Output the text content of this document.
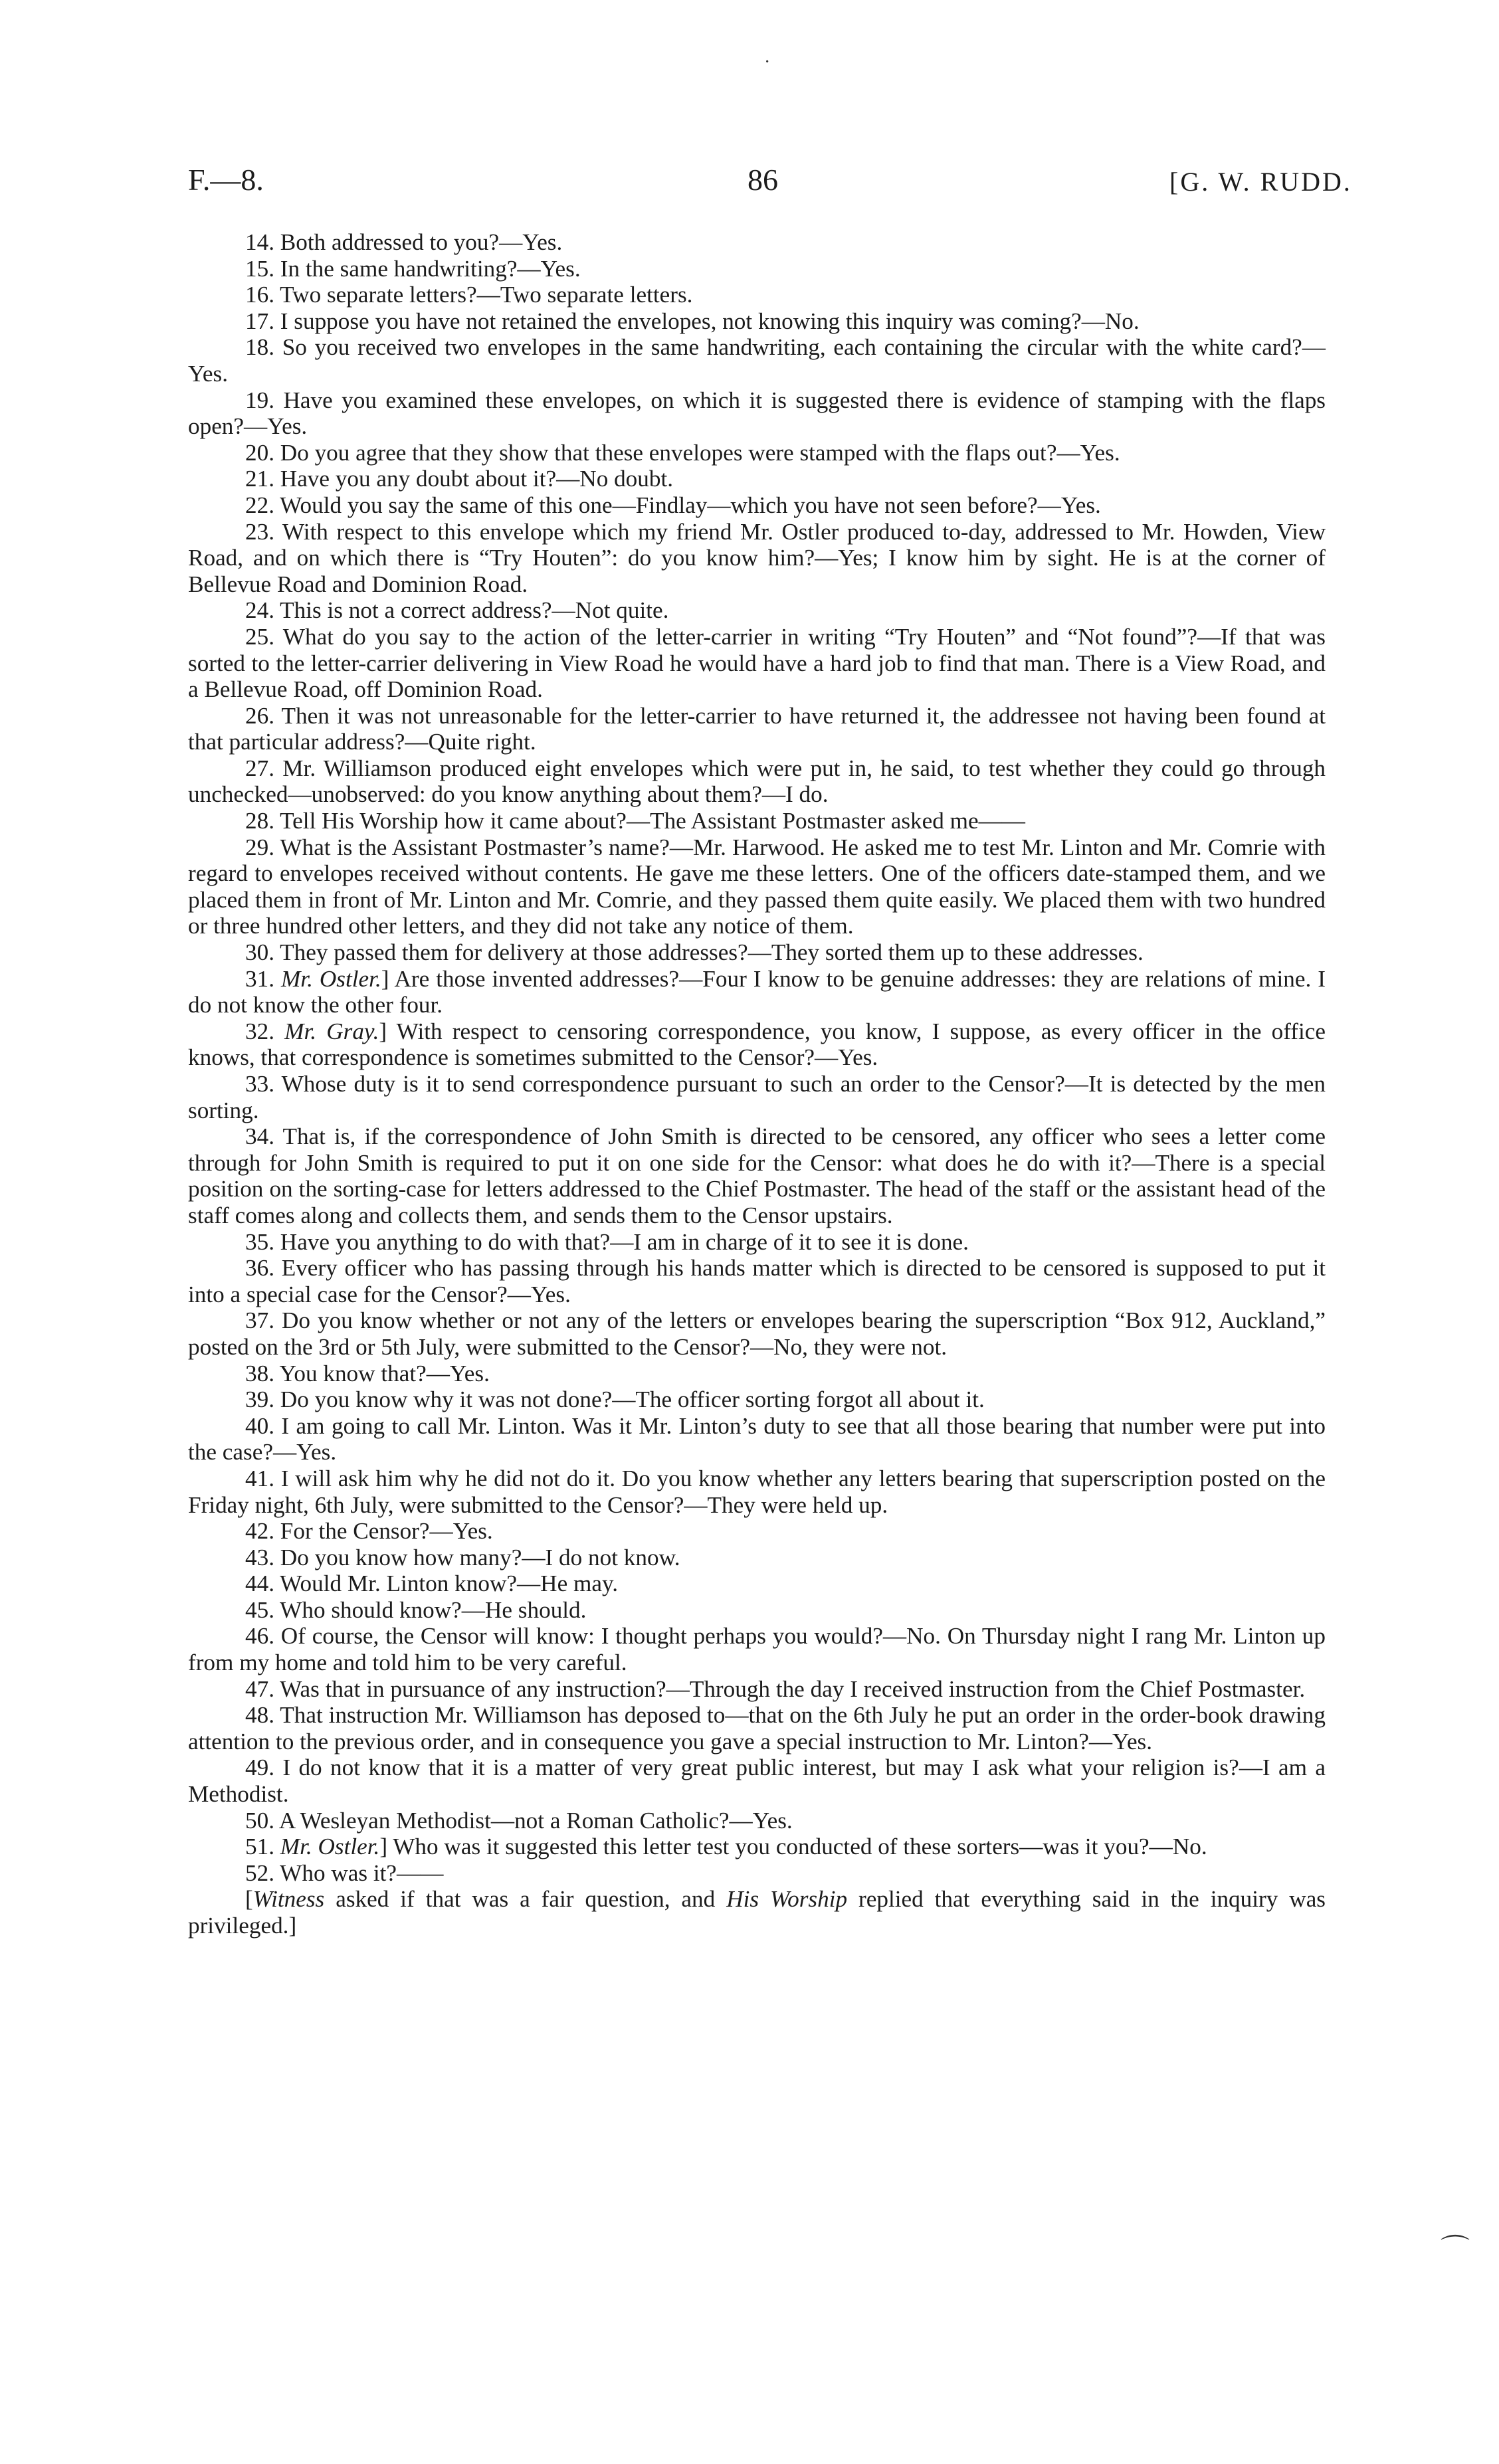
F.—8.	86	[G. W. RUDD.

14. Both addressed to you?—Yes.

15. In the same handwriting?—Yes.

16. Two separate letters?—Two separate letters.

17. I suppose you have not retained the envelopes, not knowing this inquiry was coming?—No.

18. So you received two envelopes in the same handwriting, each containing the circular with the white card?—Yes.

19. Have you examined these envelopes, on which it is suggested there is evidence of stamping with the flaps open?—Yes.

20. Do you agree that they show that these envelopes were stamped with the flaps out?—Yes.

21. Have you any doubt about it?—No doubt.

22. Would you say the same of this one—Findlay—which you have not seen before?—Yes.

23. With respect to this envelope which my friend Mr. Ostler produced to-day, addressed to Mr. Howden, View Road, and on which there is “Try Houten”: do you know him?—Yes; I know him by sight. He is at the corner of Bellevue Road and Dominion Road.

24. This is not a correct address?—Not quite.

25. What do you say to the action of the letter-carrier in writing “Try Houten” and “Not found”?—If that was sorted to the letter-carrier delivering in View Road he would have a hard job to find that man. There is a View Road, and a Bellevue Road, off Dominion Road.

26. Then it was not unreasonable for the letter-carrier to have returned it, the addressee not having been found at that particular address?—Quite right.

27. Mr. Williamson produced eight envelopes which were put in, he said, to test whether they could go through unchecked—unobserved: do you know anything about them?—I do.

28. Tell His Worship how it came about?—The Assistant Postmaster asked me——

29. What is the Assistant Postmaster’s name?—Mr. Harwood. He asked me to test Mr. Linton and Mr. Comrie with regard to envelopes received without contents. He gave me these letters. One of the officers date-stamped them, and we placed them in front of Mr. Linton and Mr. Comrie, and they passed them quite easily. We placed them with two hundred or three hundred other letters, and they did not take any notice of them.

30. They passed them for delivery at those addresses?—They sorted them up to these addresses.

31. Mr. Ostler.] Are those invented addresses?—Four I know to be genuine addresses: they are relations of mine. I do not know the other four.

32. Mr. Gray.] With respect to censoring correspondence, you know, I suppose, as every officer in the office knows, that correspondence is sometimes submitted to the Censor?—Yes.

33. Whose duty is it to send correspondence pursuant to such an order to the Censor?—It is detected by the men sorting.

34. That is, if the correspondence of John Smith is directed to be censored, any officer who sees a letter come through for John Smith is required to put it on one side for the Censor: what does he do with it?—There is a special position on the sorting-case for letters addressed to the Chief Postmaster. The head of the staff or the assistant head of the staff comes along and collects them, and sends them to the Censor upstairs.

35. Have you anything to do with that?—I am in charge of it to see it is done.

36. Every officer who has passing through his hands matter which is directed to be censored is supposed to put it into a special case for the Censor?—Yes.

37. Do you know whether or not any of the letters or envelopes bearing the superscription “Box 912, Auckland,” posted on the 3rd or 5th July, were submitted to the Censor?—No, they were not.

38. You know that?—Yes.

39. Do you know why it was not done?—The officer sorting forgot all about it.

40. I am going to call Mr. Linton. Was it Mr. Linton’s duty to see that all those bearing that number were put into the case?—Yes.

41. I will ask him why he did not do it. Do you know whether any letters bearing that superscription posted on the Friday night, 6th July, were submitted to the Censor?—They were held up.

42. For the Censor?—Yes.

43. Do you know how many?—I do not know.

44. Would Mr. Linton know?—He may.

45. Who should know?—He should.

46. Of course, the Censor will know: I thought perhaps you would?—No. On Thursday night I rang Mr. Linton up from my home and told him to be very careful.

47. Was that in pursuance of any instruction?—Through the day I received instruction from the Chief Postmaster.

48. That instruction Mr. Williamson has deposed to—that on the 6th July he put an order in the order-book drawing attention to the previous order, and in consequence you gave a special instruction to Mr. Linton?—Yes.

49. I do not know that it is a matter of very great public interest, but may I ask what your religion is?—I am a Methodist.

50. A Wesleyan Methodist—not a Roman Catholic?—Yes.

51. Mr. Ostler.] Who was it suggested this letter test you conducted of these sorters—was it you?—No.

52. Who was it?——

[Witness asked if that was a fair question, and His Worship replied that everything said in the inquiry was privileged.]

·
⌒
